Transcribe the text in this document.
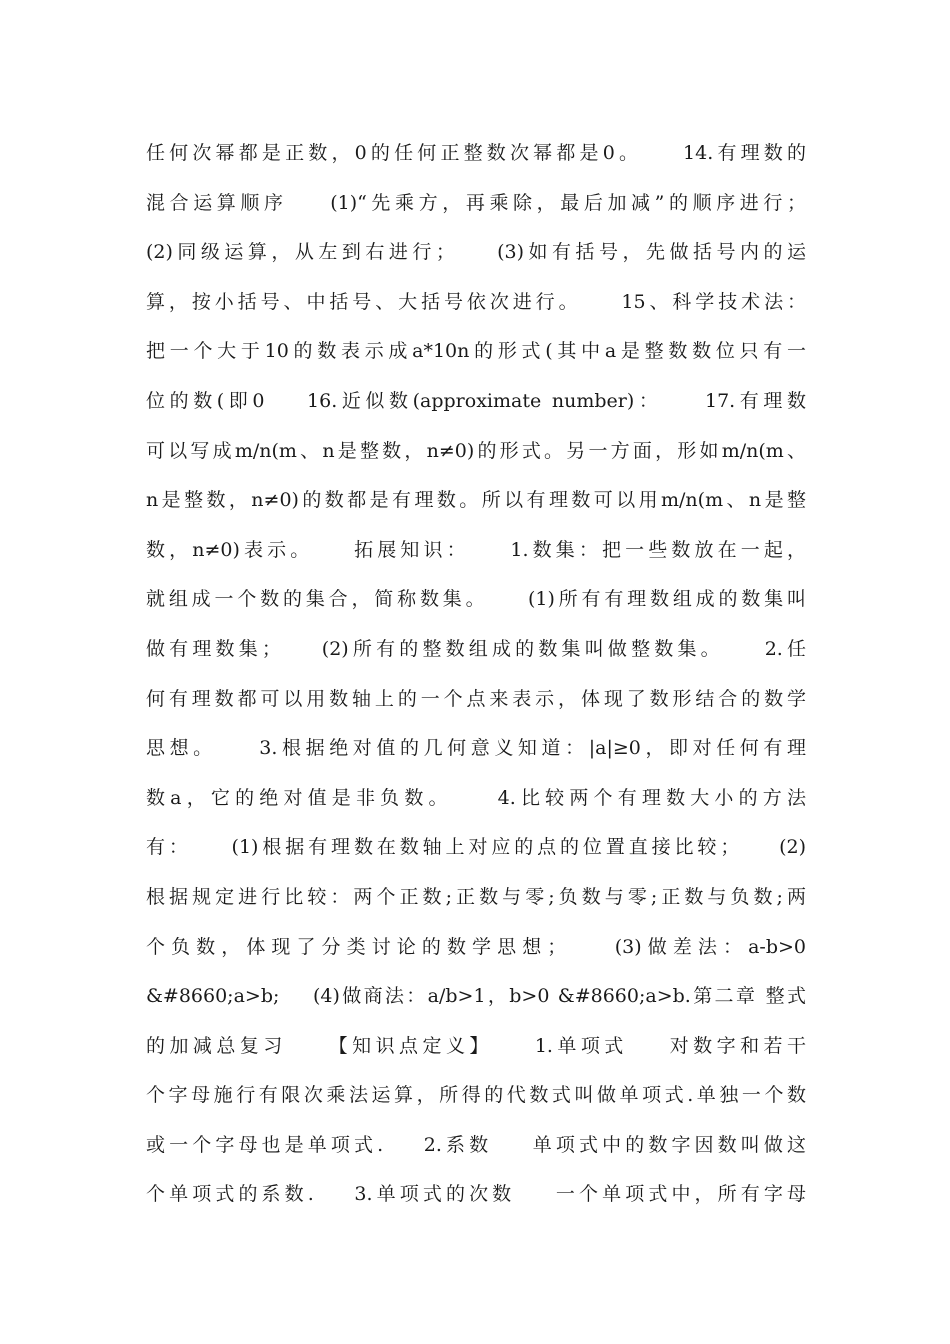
任何次幂都是正数，0的任何正整数次幂都是0。    14.有理数的
混合运算顺序    (1)“先乘方，再乘除，最后加减”的顺序进行；
(2)同级运算，从左到右进行；    (3)如有括号，先做括号内的运
算，按小括号、中括号、大括号依次进行。    15、科学技术法：
把一个大于10的数表示成a*10n的形式(其中a是整数数位只有一
位的数(即0    16.近似数(approximate number)：    17.有理数
可以写成m/n(m、n是整数，n≠0)的形式。另一方面，形如m/n(m、
n是整数，n≠0)的数都是有理数。所以有理数可以用m/n(m、n是整
数，n≠0)表示。    拓展知识：    1.数集：把一些数放在一起，
就组成一个数的集合，简称数集。    (1)所有有理数组成的数集叫
做有理数集；    (2)所有的整数组成的数集叫做整数集。    2.任
何有理数都可以用数轴上的一个点来表示，体现了数形结合的数学
思想。    3.根据绝对值的几何意义知道：|a|≥0，即对任何有理
数a，它的绝对值是非负数。    4.比较两个有理数大小的方法
有：    (1)根据有理数在数轴上对应的点的位置直接比较；    (2)
根据规定进行比较：两个正数;正数与零;负数与零;正数与负数;两
个负数，体现了分类讨论的数学思想；    (3)做差法：a-b>0
&#8660;a>b;    (4)做商法：a/b>1，b>0 &#8660;a>b.第二章 整式
的加减总复习    【知识点定义】    1.单项式    对数字和若干
个字母施行有限次乘法运算，所得的代数式叫做单项式.单独一个数
或一个字母也是单项式.    2.系数    单项式中的数字因数叫做这
个单项式的系数.    3.单项式的次数    一个单项式中，所有字母
